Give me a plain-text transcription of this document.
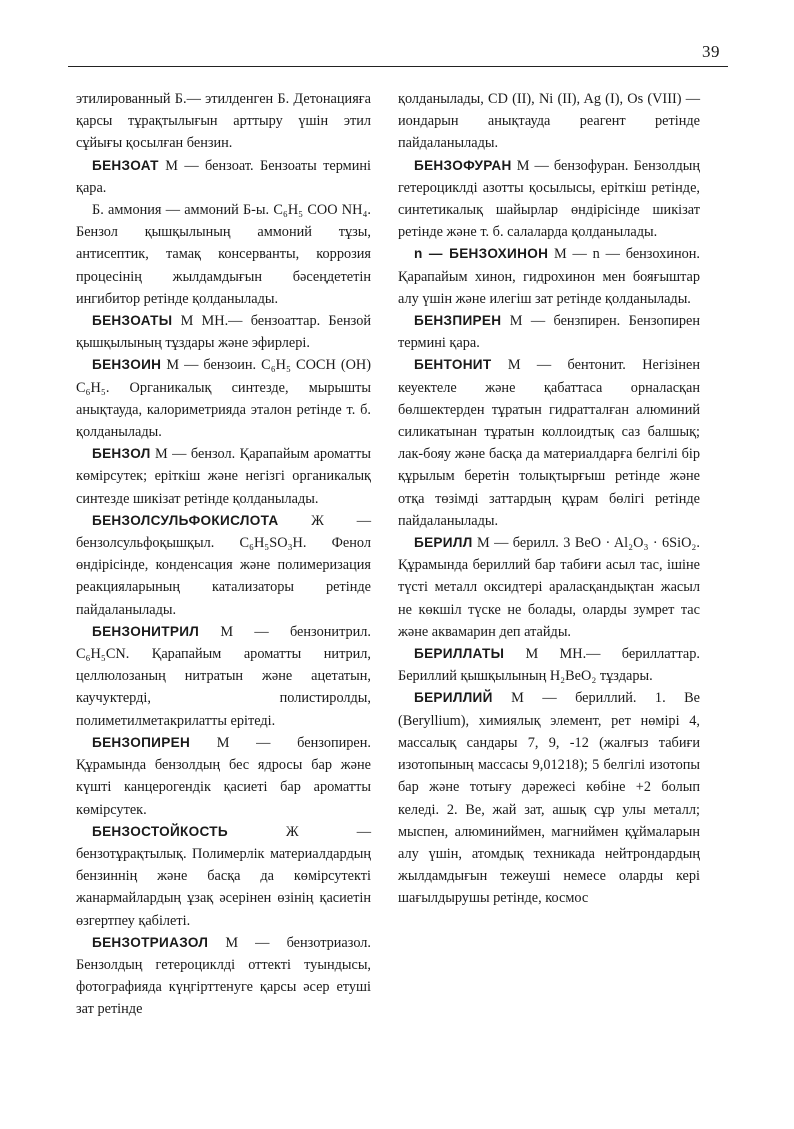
39

этилированный Б.— этилденген Б. Детонацияға қарсы тұрақтылығын арттыру үшін этил сұйығы қосылған бензин.

БЕНЗОАТ М — бензоат. Бензоаты термині қара.

Б. аммония — аммоний Б-ы. C₆H₅ COO NH₄. Бензол қышқылының аммоний тұзы, антисептик, тамақ консерванты, коррозия процесінің жылдамдығын бәсеңдететін ингибитор ретінде қолданылады.

БЕНЗОАТЫ М МН.— бензоаттар. Бензой қышқылының тұздары және эфирлері.

БЕНЗОИН М — бензоин. C₆H₅ COCH (OH) C₆H₅. Органикалық синтезде, мырышты анықтауда, калориметрияда эталон ретінде т. б. қолданылады.

БЕНЗОЛ М — бензол. Қарапайым ароматты көмірсутек; еріткіш және негізгі органикалық синтезде шикізат ретінде қолданылады.

БЕНЗОЛСУЛЬФОКИСЛОТА Ж — бензолсульфоқышқыл. C₆H₅SO₃H. Фенол өндірісінде, конденсация және полимеризация реакцияларының катализаторы ретінде пайдаланылады.

БЕНЗОНИТРИЛ М — бензонитрил. C₆H₅CN. Қарапайым ароматты нитрил, целлюлозаның нитратын және ацетатын, каучуктерді, полистиролды, полиметилметакрилатты ерітеді.

БЕНЗОПИРЕН М — бензопирен. Құрамында бензолдың бес ядросы бар және күшті канцерогендік қасиеті бар ароматты көмірсутек.

БЕНЗОСТОЙКОСТЬ Ж — бензотұрақтылық. Полимерлік материалдардың бензиннің және басқа да көмірсутекті жанармайлардың ұзақ әсерінен өзінің қасиетін өзгертпеу қабілеті.

БЕНЗОТРИАЗОЛ М — бензотриазол. Бензолдың гетероциклді оттекті туындысы, фотографияда күңгірттенуге қарсы әсер етуші зат ретінде

қолданылады, CD (II), Ni (II), Ag (I), Os (VIII) — иондарын анықтауда реагент ретінде пайдаланылады.

БЕНЗОФУРАН М — бензофуран. Бензолдың гетероциклді азотты қосылысы, еріткіш ретінде, синтетикалық шайырлар өндірісінде шикізат ретінде және т. б. салаларда қолданылады.

n — БЕНЗОХИНОН М — n — бензохинон. Қарапайым хинон, гидрохинон мен бояғыштар алу үшін және илегіш зат ретінде қолданылады.

БЕНЗПИРЕН М — бензпирен. Бензопирен термині қара.

БЕНТОНИТ М — бентонит. Негізінен кеуектеле және қабаттаса орналасқан бөлшектерден тұратын гидратталған алюминий силикатынан тұратын коллоидтық саз балшық; лак-бояу және басқа да материалдарға белгілі бір құрылым беретін толықтырғыш ретінде және отқа төзімді заттардың құрам бөлігі ретінде пайдаланылады.

БЕРИЛЛ М — берилл. 3 BeO · Al₂O₃ · 6SiO₂. Құрамында бериллий бар табиғи асыл тас, ішіне түсті металл оксидтері араласқандықтан жасыл не көкшіл түске не болады, оларды зумрет тас және аквамарин деп атайды.

БЕРИЛЛАТЫ М МН.— бериллаттар. Бериллий қышқылының H₂BeO₂ тұздары.

БЕРИЛЛИЙ М — бериллий. 1. Be (Beryllium), химиялық элемент, рет нөмірі 4, массалық сандары 7, 9, -12 (жалғыз табиғи изотопының массасы 9,01218); 5 белгілі изотопы бар және тотығу дәрежесі көбіне +2 болып келеді. 2. Be, жай зат, ашық сұр улы металл; мыспен, алюминиймен, магниймен құймаларын алу үшін, атомдық техникада нейтрондардың жылдамдығын тежеуші немесе оларды кері шағылдырушы ретінде, космос
